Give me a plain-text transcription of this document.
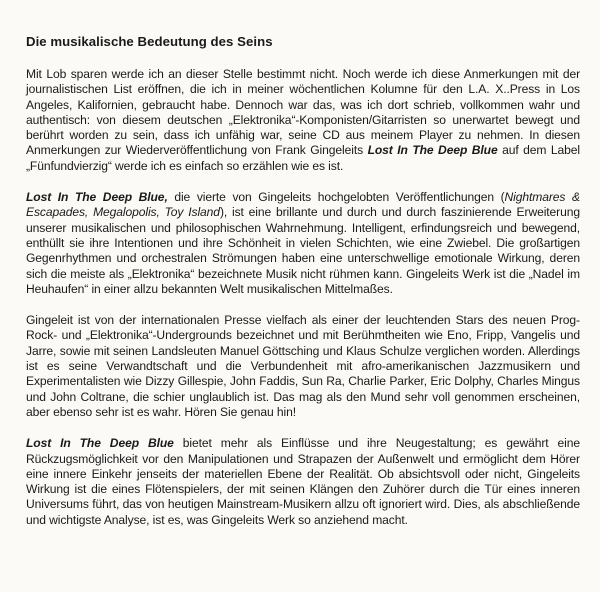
Die musikalische Bedeutung des Seins

Mit Lob sparen werde ich an dieser Stelle bestimmt nicht. Noch werde ich diese Anmerkungen mit der journalistischen List eröffnen, die ich in meiner wöchentlichen Kolumne für den L.A. X..Press in Los Angeles, Kalifornien, gebraucht habe. Dennoch war das, was ich dort schrieb, vollkommen wahr und authentisch: von diesem deutschen „Elektronika“-Komponisten/Gitarristen so unerwartet bewegt und berührt worden zu sein, dass ich unfähig war, seine CD aus meinem Player zu nehmen. In diesen Anmerkungen zur Wiederveröffentlichung von Frank Gingeleits Lost In The Deep Blue auf dem Label „Fünfundvierzig“ werde ich es einfach so erzählen wie es ist.

Lost In The Deep Blue, die vierte von Gingeleits hochgelobten Veröffentlichungen (Nightmares & Escapades, Megalopolis, Toy Island), ist eine brillante und durch und durch faszinierende Erweiterung unserer musikalischen und philosophischen Wahrnehmung. Intelligent, erfindungsreich und bewegend, enthüllt sie ihre Intentionen und ihre Schönheit in vielen Schichten, wie eine Zwiebel. Die großartigen Gegenrhythmen und orchestralen Strömungen haben eine unterschwellige emotionale Wirkung, deren sich die meiste als „Elektronika“ bezeichnete Musik nicht rühmen kann. Gingeleits Werk ist die „Nadel im Heuhaufen“ in einer allzu bekannten Welt musikalischen Mittelmaßes.

Gingeleit ist von der internationalen Presse vielfach als einer der leuchtenden Stars des neuen Prog-Rock- und „Elektronika“-Undergrounds bezeichnet und mit Berühmtheiten wie Eno, Fripp, Vangelis und Jarre, sowie mit seinen Landsleuten Manuel Göttsching und Klaus Schulze verglichen worden. Allerdings ist es seine Verwandtschaft und die Verbundenheit mit afro-amerikanischen Jazzmusikern und Experimentalisten wie Dizzy Gillespie, John Faddis, Sun Ra, Charlie Parker, Eric Dolphy, Charles Mingus und John Coltrane, die schier unglaublich ist. Das mag als den Mund sehr voll genommen erscheinen, aber ebenso sehr ist es wahr. Hören Sie genau hin!

Lost In The Deep Blue bietet mehr als Einflüsse und ihre Neugestaltung; es gewährt eine Rückzugsmöglichkeit vor den Manipulationen und Strapazen der Außenwelt und ermöglicht dem Hörer eine innere Einkehr jenseits der materiellen Ebene der Realität. Ob absichtsvoll oder nicht, Gingeleits Wirkung ist die eines Flötenspielers, der mit seinen Klängen den Zuhörer durch die Tür eines inneren Universums führt, das von heutigen Mainstream-Musikern allzu oft ignoriert wird. Dies, als abschließende und wichtigste Analyse, ist es, was Gingeleits Werk so anziehend macht.
